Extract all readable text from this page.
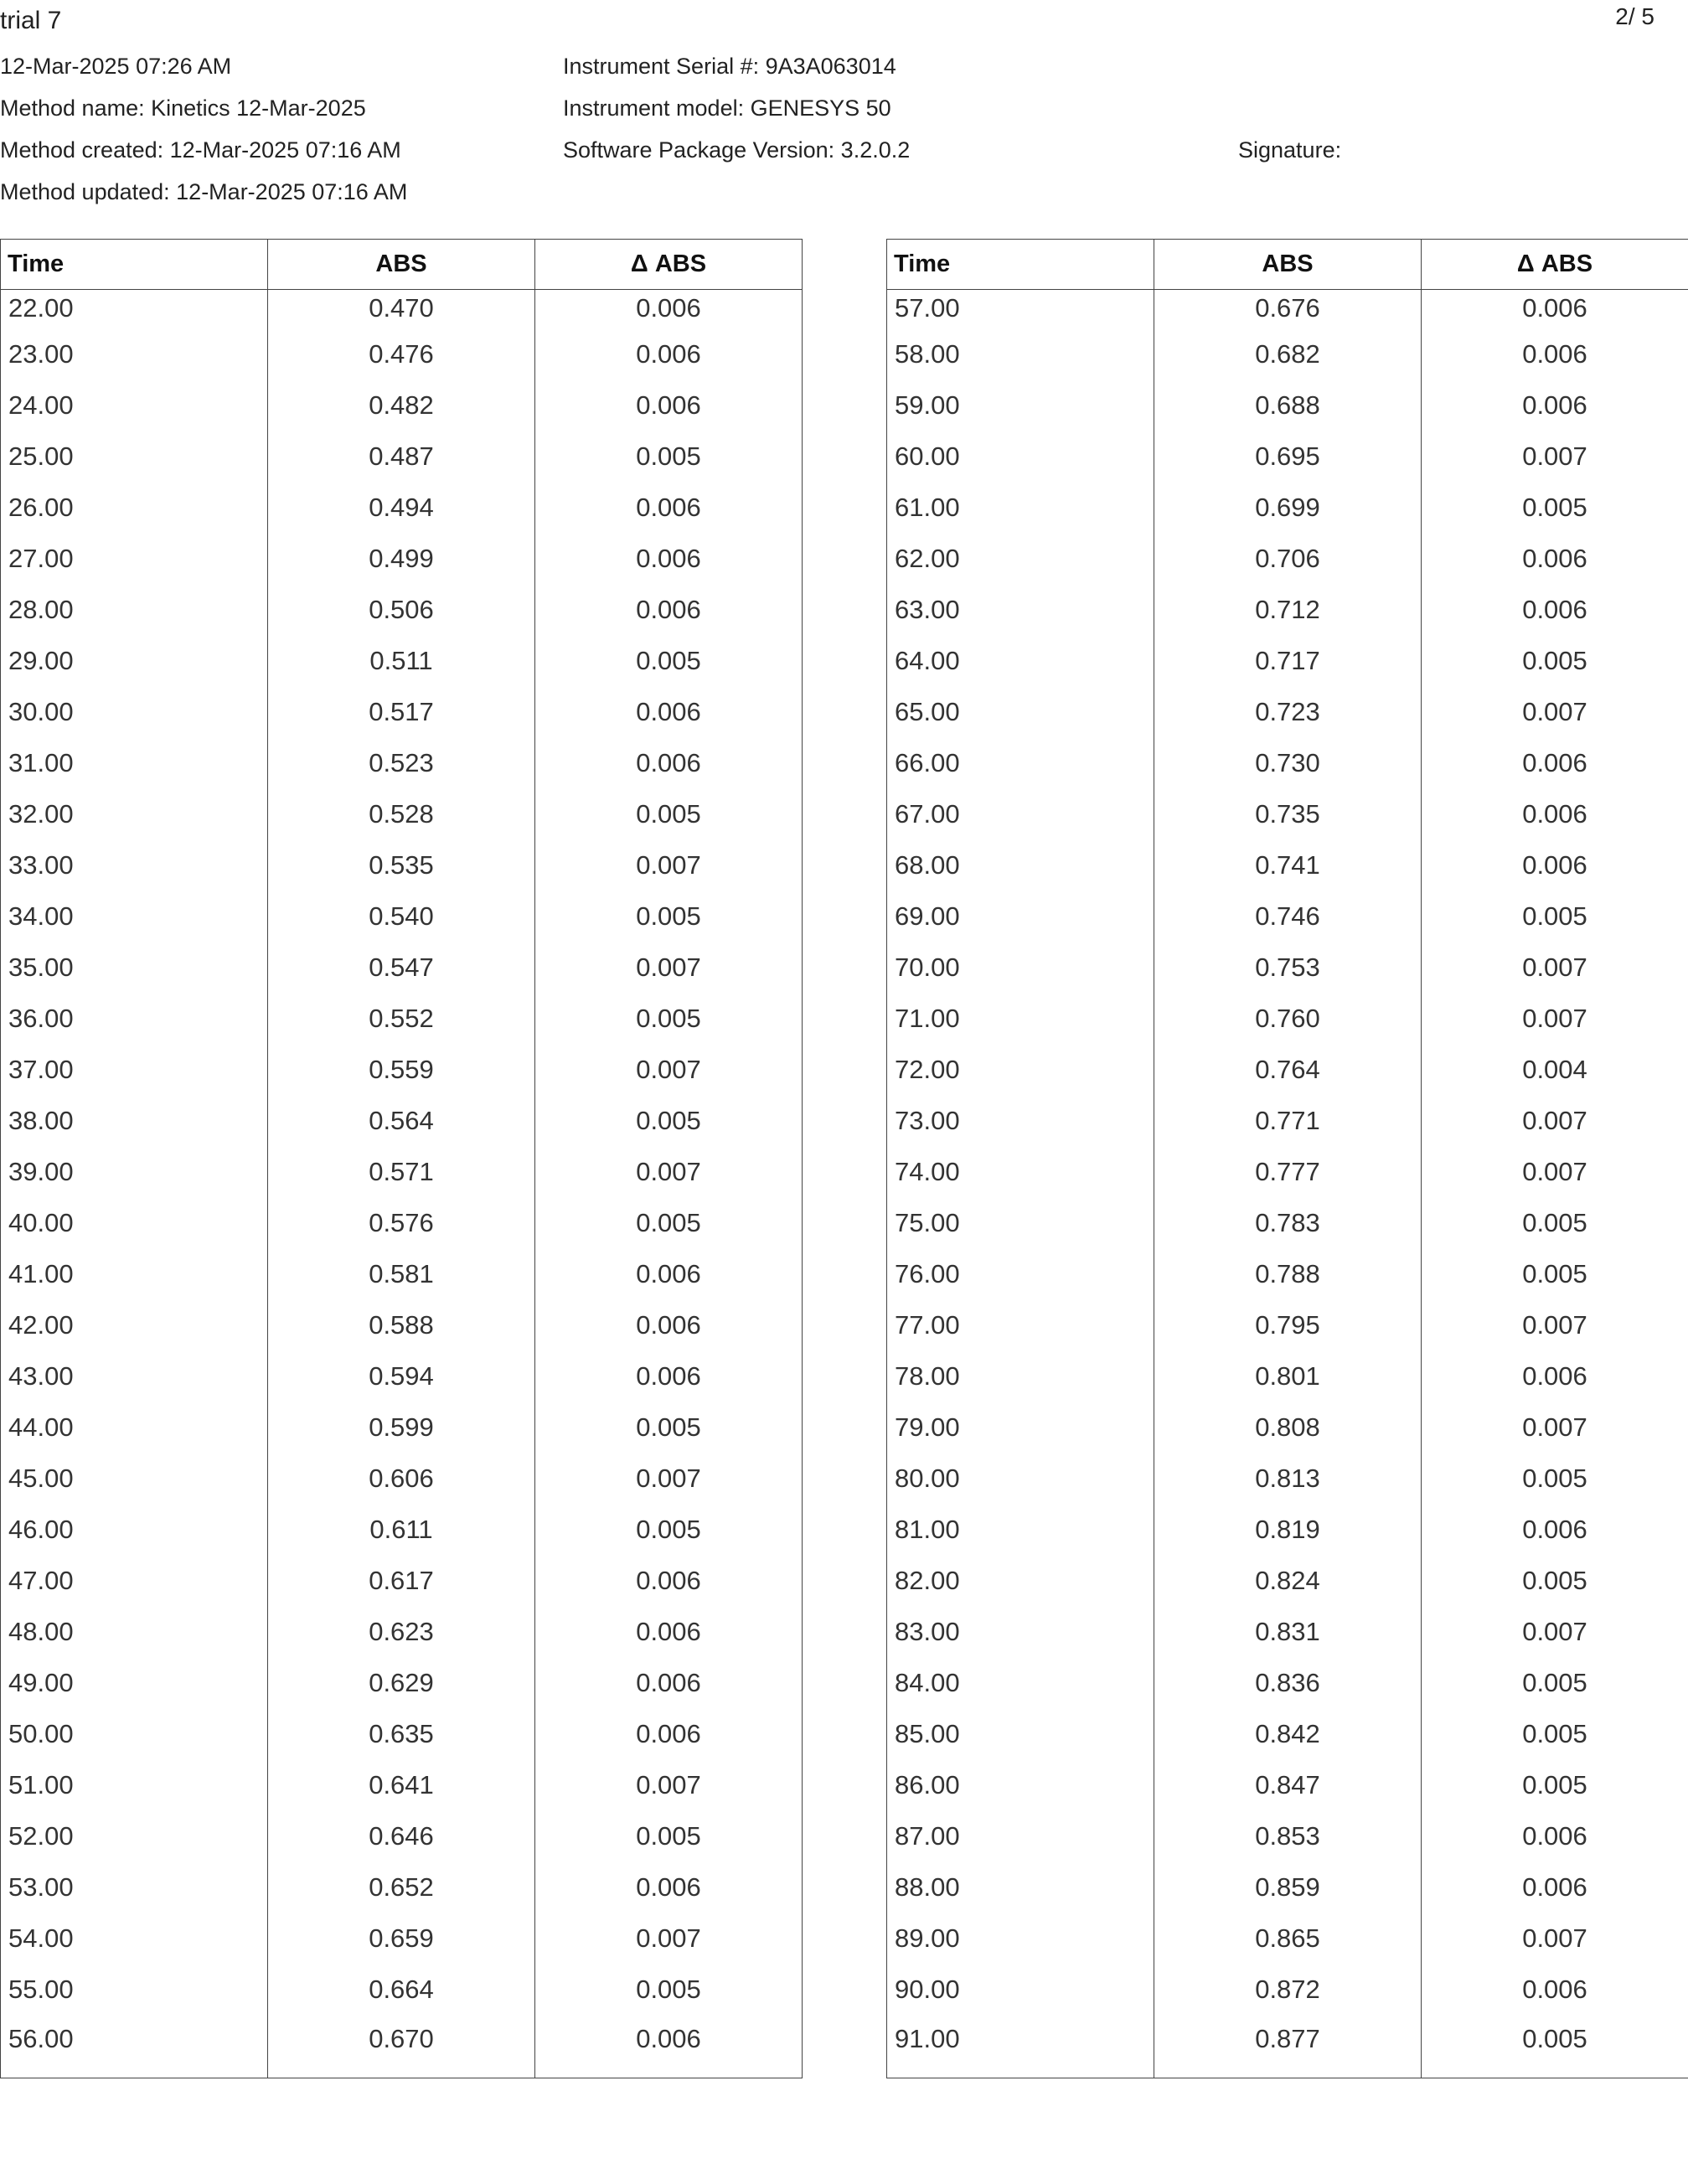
trial 7	2/ 5
12-Mar-2025 07:26 AM
Method name: Kinetics 12-Mar-2025
Method created: 12-Mar-2025 07:16 AM
Method updated: 12-Mar-2025 07:16 AM
Instrument Serial #: 9A3A063014
Instrument model: GENESYS 50
Software Package Version: 3.2.0.2	Signature:
Time	ABS	Δ ABS
22.00	0.470	0.006
23.00	0.476	0.006
24.00	0.482	0.006
25.00	0.487	0.005
26.00	0.494	0.006
27.00	0.499	0.006
28.00	0.506	0.006
29.00	0.511	0.005
30.00	0.517	0.006
31.00	0.523	0.006
32.00	0.528	0.005
33.00	0.535	0.007
34.00	0.540	0.005
35.00	0.547	0.007
36.00	0.552	0.005
37.00	0.559	0.007
38.00	0.564	0.005
39.00	0.571	0.007
40.00	0.576	0.005
41.00	0.581	0.006
42.00	0.588	0.006
43.00	0.594	0.006
44.00	0.599	0.005
45.00	0.606	0.007
46.00	0.611	0.005
47.00	0.617	0.006
48.00	0.623	0.006
49.00	0.629	0.006
50.00	0.635	0.006
51.00	0.641	0.007
52.00	0.646	0.005
53.00	0.652	0.006
54.00	0.659	0.007
55.00	0.664	0.005
56.00	0.670	0.006
Time	ABS	Δ ABS
57.00	0.676	0.006
58.00	0.682	0.006
59.00	0.688	0.006
60.00	0.695	0.007
61.00	0.699	0.005
62.00	0.706	0.006
63.00	0.712	0.006
64.00	0.717	0.005
65.00	0.723	0.007
66.00	0.730	0.006
67.00	0.735	0.006
68.00	0.741	0.006
69.00	0.746	0.005
70.00	0.753	0.007
71.00	0.760	0.007
72.00	0.764	0.004
73.00	0.771	0.007
74.00	0.777	0.007
75.00	0.783	0.005
76.00	0.788	0.005
77.00	0.795	0.007
78.00	0.801	0.006
79.00	0.808	0.007
80.00	0.813	0.005
81.00	0.819	0.006
82.00	0.824	0.005
83.00	0.831	0.007
84.00	0.836	0.005
85.00	0.842	0.005
86.00	0.847	0.005
87.00	0.853	0.006
88.00	0.859	0.006
89.00	0.865	0.007
90.00	0.872	0.006
91.00	0.877	0.005
